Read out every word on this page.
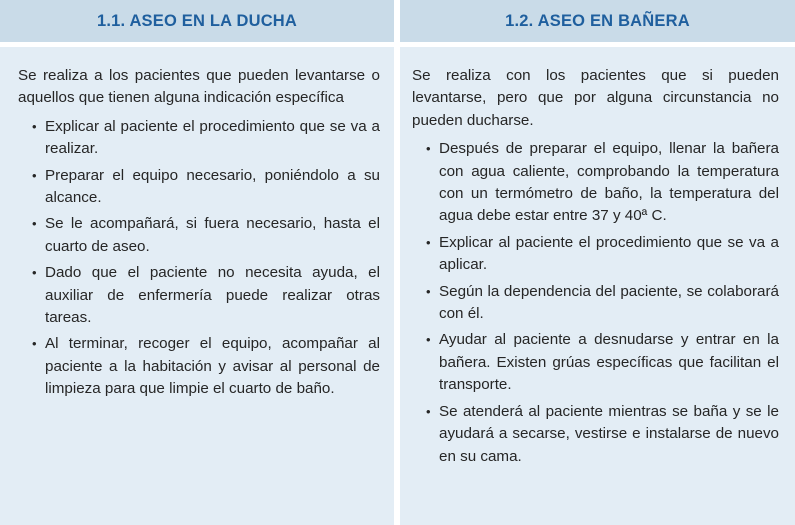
1.1. ASEO EN LA DUCHA	1.2. ASEO EN BAÑERA

Se realiza a los pacientes que pueden levantarse o aquellos que tienen alguna indicación específica

• Explicar al paciente el procedimiento que se va a realizar.
• Preparar el equipo necesario, poniéndolo a su alcance.
• Se le acompañará, si fuera necesario, hasta el cuarto de aseo.
• Dado que el paciente no necesita ayuda, el auxiliar de enfermería puede realizar otras tareas.
• Al terminar, recoger el equipo, acompañar al paciente a la habitación y avisar al personal de limpieza para que limpie el cuarto de baño.

Se realiza con los pacientes que si pueden levantarse, pero que por alguna circunstancia no pueden ducharse.

• Después de preparar el equipo, llenar la bañera con agua caliente, comprobando la temperatura con un termómetro de baño, la temperatura del agua debe estar entre 37 y 40ª C.
• Explicar al paciente el procedimiento que se va a aplicar.
• Según la dependencia del paciente, se colaborará con él.
• Ayudar al paciente a desnudarse y entrar en la bañera. Existen grúas específicas que facilitan el transporte.
• Se atenderá al paciente mientras se baña y se le ayudará a secarse, vestirse e instalarse de nuevo en su cama.
